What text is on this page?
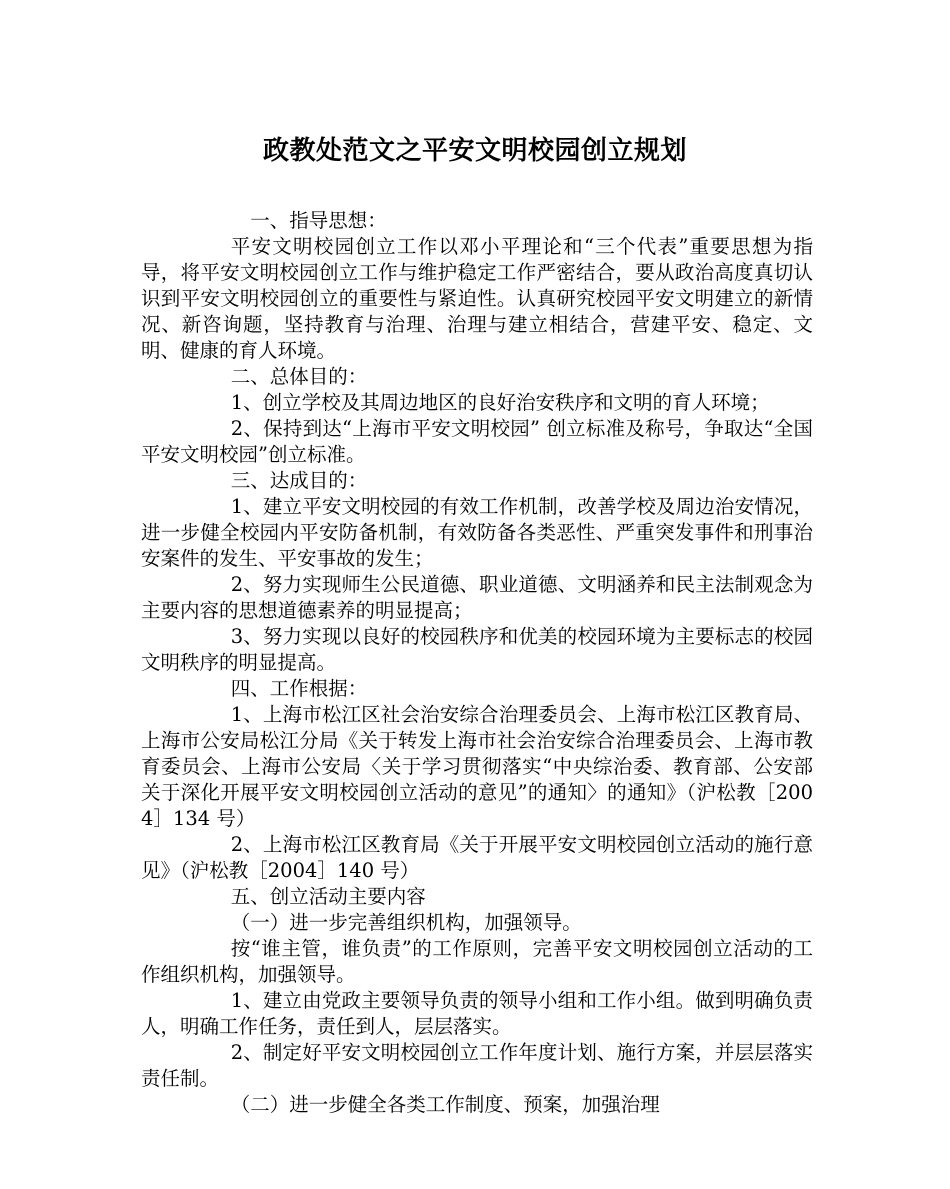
政教处范文之平安文明校园创立规划

一、指导思想：

平安文明校园创立工作以邓小平理论和“三个代表”重要思想为指导，将平安文明校园创立工作与维护稳定工作严密结合，要从政治高度真切认识到平安文明校园创立的重要性与紧迫性。认真研究校园平安文明建立的新情况、新咨询题，坚持教育与治理、治理与建立相结合，营建平安、稳定、文明、健康的育人环境。

二、总体目的：

1、创立学校及其周边地区的良好治安秩序和文明的育人环境；

2、保持到达“上海市平安文明校园” 创立标准及称号，争取达“全国平安文明校园”创立标准。

三、达成目的：

1、建立平安文明校园的有效工作机制，改善学校及周边治安情况，进一步健全校园内平安防备机制，有效防备各类恶性、严重突发事件和刑事治安案件的发生、平安事故的发生；

2、努力实现师生公民道德、职业道德、文明涵养和民主法制观念为主要内容的思想道德素养的明显提高；

3、努力实现以良好的校园秩序和优美的校园环境为主要标志的校园文明秩序的明显提高。

四、工作根据：

1、上海市松江区社会治安综合治理委员会、上海市松江区教育局、上海市公安局松江分局《关于转发上海市社会治安综合治理委员会、上海市教育委员会、上海市公安局〈关于学习贯彻落实“中央综治委、教育部、公安部关于深化开展平安文明校园创立活动的意见”的通知〉的通知》（沪松教［2004］134 号）

2、上海市松江区教育局《关于开展平安文明校园创立活动的施行意见》（沪松教［2004］140 号）

五、创立活动主要内容

（一）进一步完善组织机构，加强领导。

按“谁主管，谁负责”的工作原则，完善平安文明校园创立活动的工作组织机构，加强领导。

1、建立由党政主要领导负责的领导小组和工作小组。做到明确负责人，明确工作任务，责任到人，层层落实。

2、制定好平安文明校园创立工作年度计划、施行方案，并层层落实责任制。

（二）进一步健全各类工作制度、预案，加强治理
